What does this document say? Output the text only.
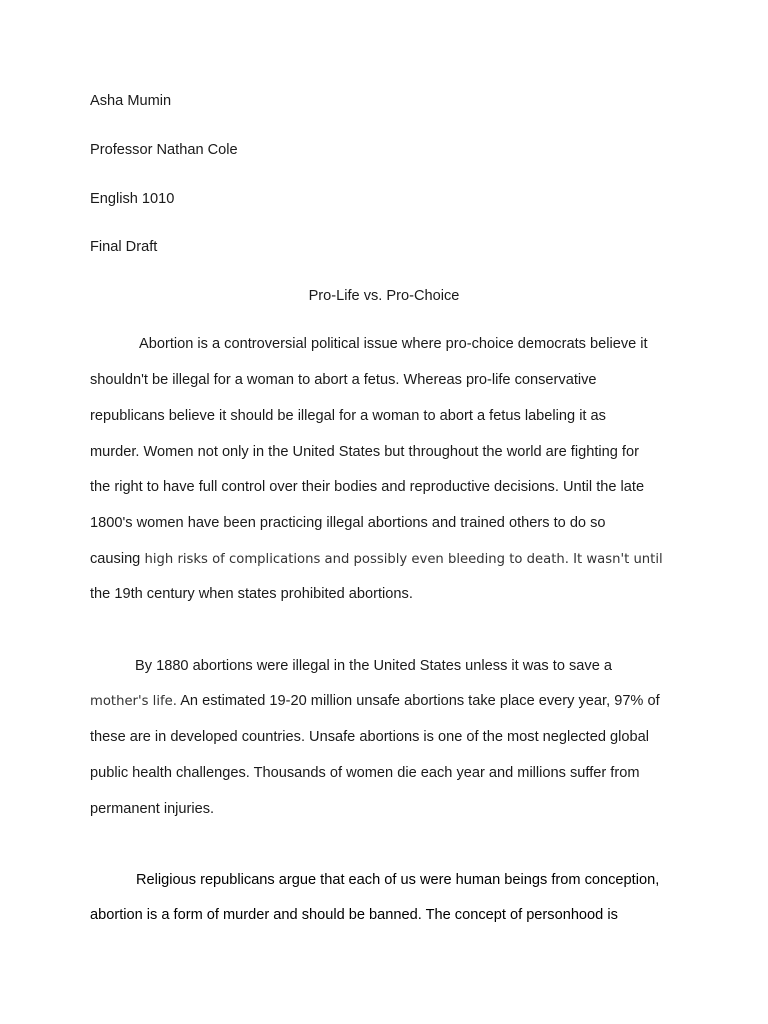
Asha Mumin
Professor Nathan Cole
English 1010
Final Draft
Pro-Life vs. Pro-Choice
Abortion is a controversial political issue where pro-choice democrats believe it
shouldn't be illegal for a woman to abort a fetus. Whereas pro-life conservative
republicans believe it should be illegal for a woman to abort a fetus labeling it as
murder. Women not only in the United States but throughout the world are fighting for
the right to have full control over their bodies and reproductive decisions. Until the late
1800's women have been practicing illegal abortions and trained others to do so
causing high risks of complications and possibly even bleeding to death. It wasn't until
the 19th century when states prohibited abortions.
By 1880 abortions were illegal in the United States unless it was to save a
mother's life. An estimated 19-20 million unsafe abortions take place every year, 97% of
these are in developed countries. Unsafe abortions is one of the most neglected global
public health challenges. Thousands of women die each year and millions suffer from
permanent injuries.
Religious republicans argue that each of us were human beings from conception,
abortion is a form of murder and should be banned. The concept of personhood is
